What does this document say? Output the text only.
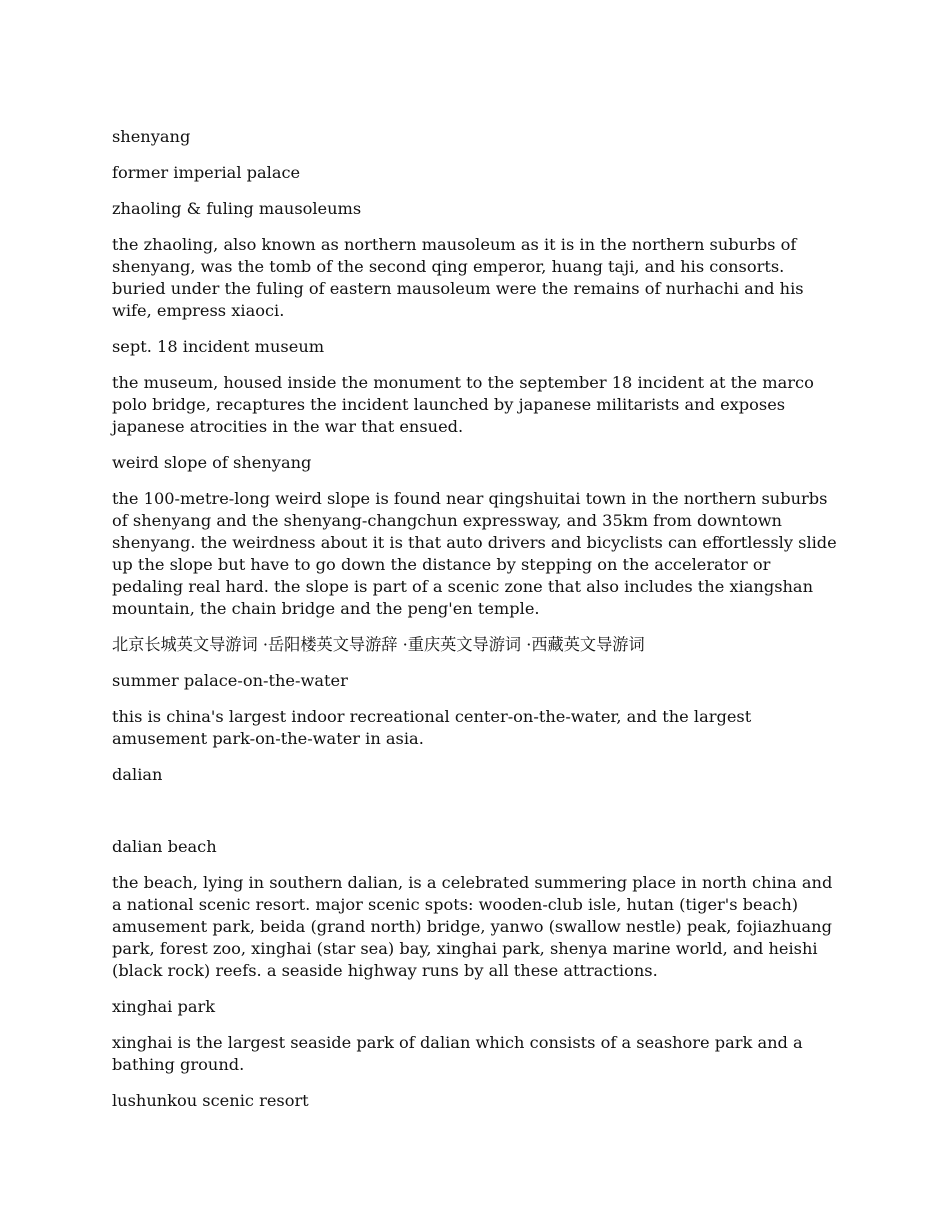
shenyang

former imperial palace

zhaoling & fuling mausoleums

the zhaoling, also known as northern mausoleum as it is in the northern suburbs of shenyang, was the tomb of the second qing emperor, huang taji, and his consorts. buried under the fuling of eastern mausoleum were the remains of nurhachi and his wife, empress xiaoci.

sept. 18 incident museum

the museum, housed inside the monument to the september 18 incident at the marco polo bridge, recaptures the incident launched by japanese militarists and exposes japanese atrocities in the war that ensued.

weird slope of shenyang

the 100-metre-long weird slope is found near qingshuitai town in the northern suburbs of shenyang and the shenyang-changchun expressway, and 35km from downtown shenyang. the weirdness about it is that auto drivers and bicyclists can effortlessly slide up the slope but have to go down the distance by stepping on the accelerator or pedaling real hard. the slope is part of a scenic zone that also includes the xiangshan mountain, the chain bridge and the peng'en temple.

北京长城英文导游词 ·岳阳楼英文导游辞 ·重庆英文导游词 ·西藏英文导游词

summer palace-on-the-water

this is china's largest indoor recreational center-on-the-water, and the largest amusement park-on-the-water in asia.

dalian

dalian beach

the beach, lying in southern dalian, is a celebrated summering place in north china and a national scenic resort. major scenic spots: wooden-club isle, hutan (tiger's beach) amusement park, beida (grand north) bridge, yanwo (swallow nestle) peak, fojiazhuang park, forest zoo, xinghai (star sea) bay, xinghai park, shenya marine world, and heishi (black rock) reefs. a seaside highway runs by all these attractions.

xinghai park

xinghai is the largest seaside park of dalian which consists of a seashore park and a bathing ground.

lushunkou scenic resort
